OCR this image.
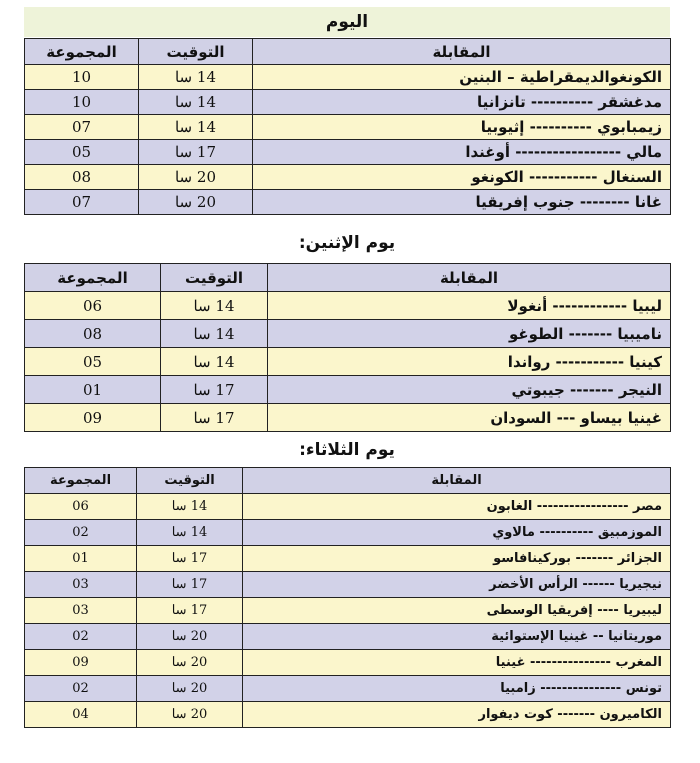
اليوم
المقابلة	التوقيت	المجموعة
الكونغوالديمقراطية – البنين	14 سا	10
مدغشقر ---------- تانزانيا	14 سا	10
زيمبابوي ---------- إثيوبيا	14 سا	07
مالي ----------------- أوغندا	17 سا	05
السنغال ----------- الكونغو	20 سا	08
غانا -------- جنوب إفريقيا	20 سا	07
يوم الإثنين:
المقابلة	التوقيت	المجموعة
ليبيا ------------ أنغولا	14 سا	06
ناميبيا ------- الطوغو	14 سا	08
كينيا ----------- رواندا	14 سا	05
النيجر ------- جيبوتي	17 سا	01
غينيا بيساو --- السودان	17 سا	09
يوم الثلاثاء:
المقابلة	التوقيت	المجموعة
مصر ----------------- الغابون	14 سا	06
الموزمبيق ---------- مالاوي	14 سا	02
الجزائر ------- بوركينافاسو	17 سا	01
نيجيريا ------ الرأس الأخضر	17 سا	03
ليبيريا ---- إفريقيا الوسطى	17 سا	03
موريتانيا -- غينيا الإستوائية	20 سا	02
المغرب --------------- غينيا	20 سا	09
تونس --------------- زامبيا	20 سا	02
الكاميرون ------- كوت ديفوار	20 سا	04
